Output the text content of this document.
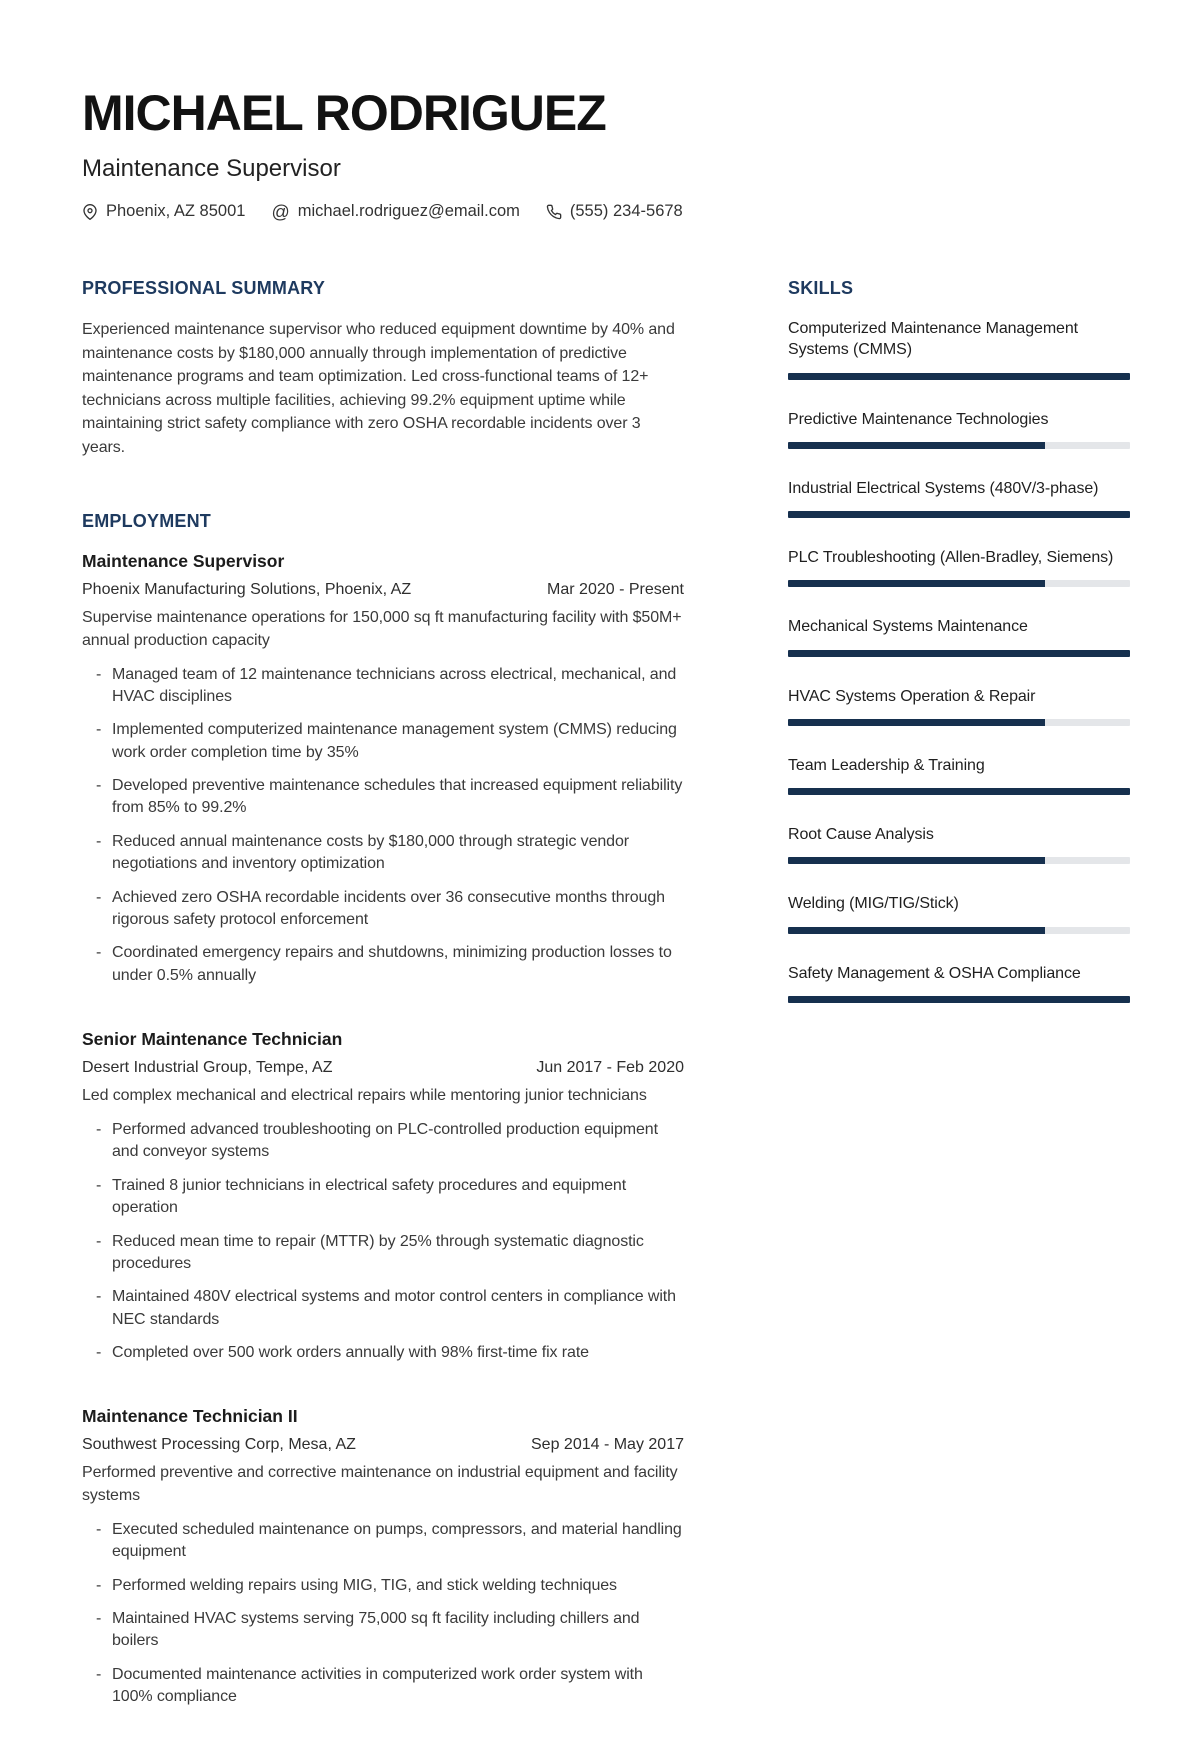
MICHAEL RODRIGUEZ
Maintenance Supervisor
Phoenix, AZ 85001 @ michael.rodriguez@email.com	(555) 234-5678
PROFESSIONAL SUMMARY

Experienced maintenance supervisor who reduced equipment downtime by 40% and maintenance costs by $180,000 annually through implementation of predictive maintenance programs and team optimization. Led cross-functional teams of 12+ technicians across multiple facilities, achieving 99.2% equipment uptime while maintaining strict safety compliance with zero OSHA recordable incidents over 3 years.

EMPLOYMENT
Maintenance Supervisor
Phoenix Manufacturing Solutions, Phoenix, AZ	Mar 2020 - Present

Supervise maintenance operations for 150,000 sq ft manufacturing facility with $50M+ annual production capacity

- Managed team of 12 maintenance technicians across electrical, mechanical, and HVAC disciplines
- Implemented computerized maintenance management system (CMMS) reducing work order completion time by 35%
- Developed preventive maintenance schedules that increased equipment reliability from 85% to 99.2%
- Reduced annual maintenance costs by $180,000 through strategic vendor negotiations and inventory optimization
- Achieved zero OSHA recordable incidents over 36 consecutive months through rigorous safety protocol enforcement
- Coordinated emergency repairs and shutdowns, minimizing production losses to under 0.5% annually
Senior Maintenance Technician
Desert Industrial Group, Tempe, AZ	Jun 2017 - Feb 2020

Led complex mechanical and electrical repairs while mentoring junior technicians

- Performed advanced troubleshooting on PLC-controlled production equipment and conveyor systems
- Trained 8 junior technicians in electrical safety procedures and equipment operation
- Reduced mean time to repair (MTTR) by 25% through systematic diagnostic procedures
- Maintained 480V electrical systems and motor control centers in compliance with NEC standards
- Completed over 500 work orders annually with 98% first-time fix rate
Maintenance Technician II
Southwest Processing Corp, Mesa, AZ	Sep 2014 - May 2017

Performed preventive and corrective maintenance on industrial equipment and facility systems

- Executed scheduled maintenance on pumps, compressors, and material handling equipment
- Performed welding repairs using MIG, TIG, and stick welding techniques
- Maintained HVAC systems serving 75,000 sq ft facility including chillers and boilers
- Documented maintenance activities in computerized work order system with 100% compliance
SKILLS
Computerized Maintenance Management Systems (CMMS)
Predictive Maintenance Technologies
Industrial Electrical Systems (480V/3-phase)
PLC Troubleshooting (Allen-Bradley, Siemens)
Mechanical Systems Maintenance
HVAC Systems Operation & Repair
Team Leadership & Training
Root Cause Analysis
Welding (MIG/TIG/Stick)
Safety Management & OSHA Compliance
